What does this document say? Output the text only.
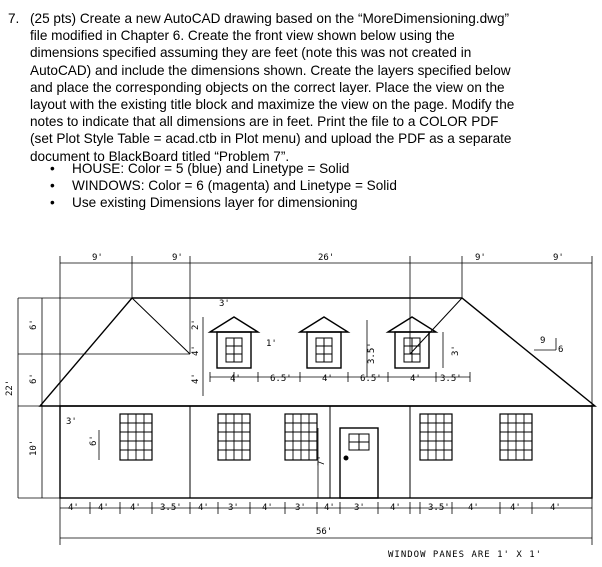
7. (25 pts) Create a new AutoCAD drawing based on the “MoreDimensioning.dwg”
file modified in Chapter 6. Create the front view shown below using the
dimensions specified assuming they are feet (note this was not created in
AutoCAD) and include the dimensions shown. Create the layers specified below
and place the corresponding objects on the correct layer. Place the view on the
layout with the existing title block and maximize the view on the page. Modify the
notes to indicate that all dimensions are in feet. Print the file to a COLOR PDF
(set Plot Style Table = acad.ctb in Plot menu) and upload the PDF as a separate
document to BlackBoard titled “Problem 7”.
• HOUSE: Color = 5 (blue) and Linetype = Solid
• WINDOWS: Color = 6 (magenta) and Linetype = Solid
• Use existing Dimensions layer for dimensioning
9'	9'	26'	9'	9'
22'
6'
6'
10'
3'
3'
2'
4'
4'
1'
6'
7'
3.5'	3'
9
6
4'	6.5'	4'	6.5'	4' 3.5'
4' 4' 4' 3.5' 4' 3'	4' 3' 4' 3'	4'	3.5' 4'	4'	4'
56'
WINDOW PANES ARE 1' X 1'
